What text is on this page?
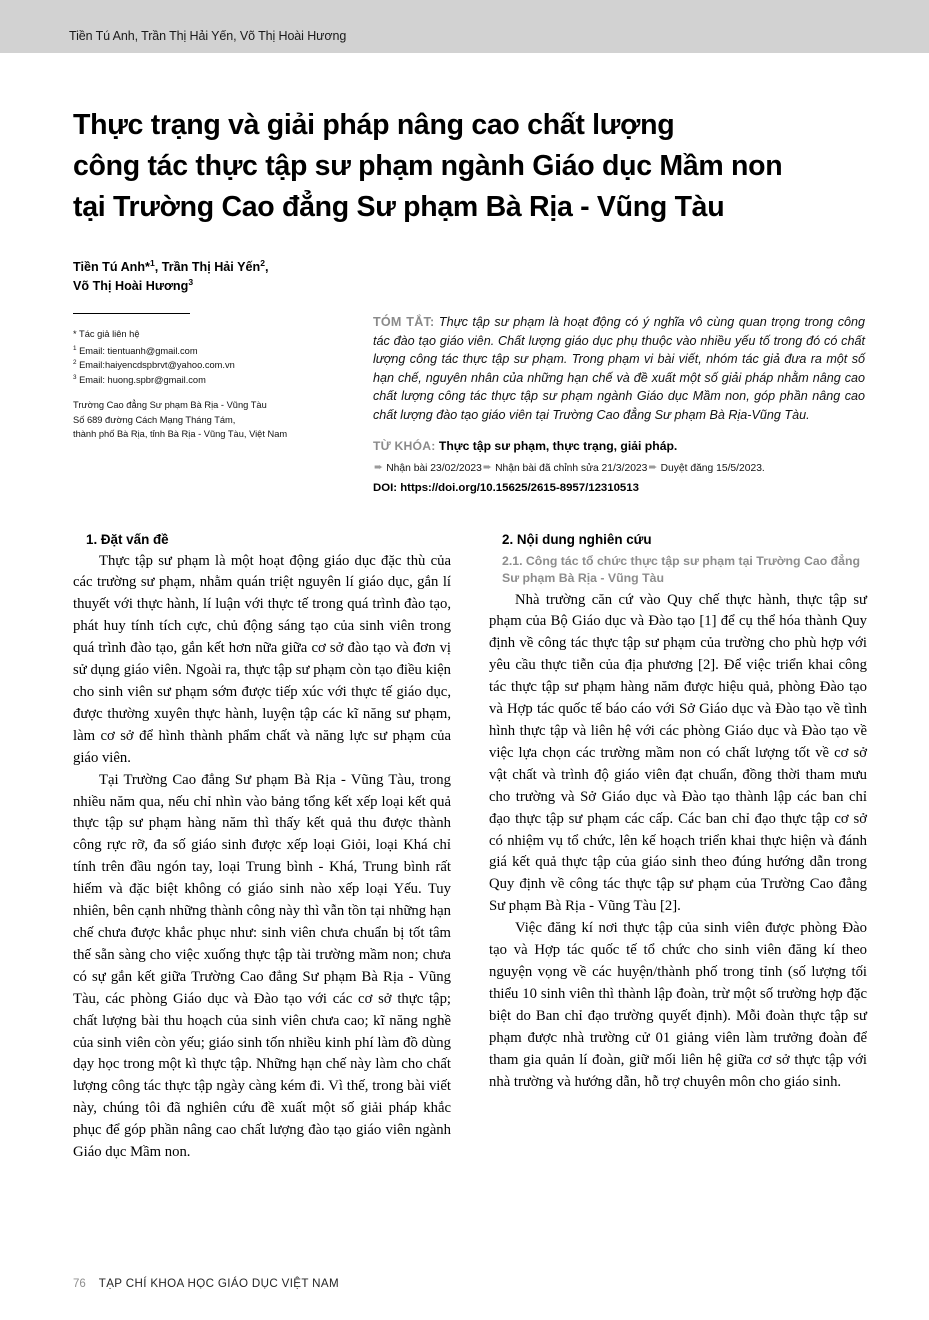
Tiền Tú Anh, Trần Thị Hải Yến, Võ Thị Hoài Hương
Thực trạng và giải pháp nâng cao chất lượng
công tác thực tập sư phạm ngành Giáo dục Mầm non
tại Trường Cao đẳng Sư phạm Bà Rịa - Vũng Tàu
Tiền Tú Anh*$^1$, Trần Thị Hải Yến$^2$,
Võ Thị Hoài Hương$^3$
* Tác giả liên hệ
$^1$ Email: tientuanh@gmail.com
$^2$ Email:haiyencdspbrvt@yahoo.com.vn
$^3$ Email: huong.spbr@gmail.com
Trường Cao đẳng Sư phạm Bà Rịa - Vũng Tàu
Số 689 đường Cách Mạng Tháng Tám,
thành phố Bà Rịa, tỉnh Bà Rịa - Vũng Tàu, Việt Nam
TÓM TẮT: Thực tập sư phạm là hoạt động có ý nghĩa vô cùng quan trọng trong công tác đào tạo giáo viên. Chất lượng giáo dục phụ thuộc vào nhiều yếu tố trong đó có chất lượng công tác thực tập sư phạm. Trong phạm vi bài viết, nhóm tác giả đưa ra một số hạn chế, nguyên nhân của những hạn chế và đề xuất một số giải pháp nhằm nâng cao chất lượng công tác thực tập sư phạm ngành Giáo dục Mầm non, góp phần nâng cao chất lượng đào tạo giáo viên tại Trường Cao đẳng Sư phạm Bà Rịa-Vũng Tàu.
TỪ KHÓA: Thực tập sư phạm, thực trạng, giải pháp.
➨ Nhận bài 23/02/2023➨ Nhận bài đã chỉnh sửa 21/3/2023➨ Duyệt đăng 15/5/2023.
DOI: https://doi.org/10.15625/2615-8957/12310513
1. Đặt vấn đề

Thực tập sư phạm là một hoạt động giáo dục đặc thù của các trường sư phạm, nhằm quán triệt nguyên lí giáo dục, gắn lí thuyết với thực hành, lí luận với thực tế trong quá trình đào tạo, phát huy tính tích cực, chủ động sáng tạo của sinh viên trong quá trình đào tạo, gắn kết hơn nữa giữa cơ sở đào tạo và đơn vị sử dụng giáo viên. Ngoài ra, thực tập sư phạm còn tạo điều kiện cho sinh viên sư phạm sớm được tiếp xúc với thực tế giáo dục, được thường xuyên thực hành, luyện tập các kĩ năng sư phạm, làm cơ sở để hình thành phẩm chất và năng lực sư phạm của giáo viên.

Tại Trường Cao đẳng Sư phạm Bà Rịa - Vũng Tàu, trong nhiều năm qua, nếu chỉ nhìn vào bảng tổng kết xếp loại kết quả thực tập sư phạm hàng năm thì thấy kết quả thu được thành công rực rỡ, đa số giáo sinh được xếp loại Giỏi, loại Khá chỉ tính trên đầu ngón tay, loại Trung bình - Khá, Trung bình rất hiếm và đặc biệt không có giáo sinh nào xếp loại Yếu. Tuy nhiên, bên cạnh những thành công này thì vẫn tồn tại những hạn chế chưa được khắc phục như: sinh viên chưa chuẩn bị tốt tâm thế sẵn sàng cho việc xuống thực tập tài trường mầm non; chưa có sự gắn kết giữa Trường Cao đẳng Sư phạm Bà Rịa - Vũng Tàu, các phòng Giáo dục và Đào tạo với các cơ sở thực tập; chất lượng bài thu hoạch của sinh viên chưa cao; kĩ năng nghề của sinh viên còn yếu; giáo sinh tốn nhiều kinh phí làm đồ dùng dạy học trong một kì thực tập. Những hạn chế này làm cho chất lượng công tác thực tập ngày càng kém đi. Vì thế, trong bài viết này, chúng tôi đã nghiên cứu đề xuất một số giải pháp khắc phục để góp phần nâng cao chất lượng đào tạo giáo viên ngành Giáo dục Mầm non.

2. Nội dung nghiên cứu
2.1. Công tác tổ chức thực tập sư phạm tại Trường Cao đẳng Sư phạm Bà Rịa - Vũng Tàu

Nhà trường căn cứ vào Quy chế thực hành, thực tập sư phạm của Bộ Giáo dục và Đào tạo [1] để cụ thể hóa thành Quy định về công tác thực tập sư phạm của trường cho phù hợp với yêu cầu thực tiễn của địa phương [2]. Để việc triển khai công tác thực tập sư phạm hàng năm được hiệu quả, phòng Đào tạo và Hợp tác quốc tế báo cáo với Sở Giáo dục và Đào tạo về tình hình thực tập và liên hệ với các phòng Giáo dục và Đào tạo về việc lựa chọn các trường mầm non có chất lượng tốt về cơ sở vật chất và trình độ giáo viên đạt chuẩn, đồng thời tham mưu cho trường và Sở Giáo dục và Đào tạo thành lập các ban chỉ đạo thực tập sư phạm các cấp. Các ban chỉ đạo thực tập cơ sở có nhiệm vụ tổ chức, lên kế hoạch triển khai thực hiện và đánh giá kết quả thực tập của giáo sinh theo đúng hướng dẫn trong Quy định về công tác thực tập sư phạm của Trường Cao đẳng Sư phạm Bà Rịa - Vũng Tàu [2].

Việc đăng kí nơi thực tập của sinh viên được phòng Đào tạo và Hợp tác quốc tế tổ chức cho sinh viên đăng kí theo nguyện vọng về các huyện/thành phố trong tỉnh (số lượng tối thiểu 10 sinh viên thì thành lập đoàn, trừ một số trường hợp đặc biệt do Ban chỉ đạo trường quyết định). Mỗi đoàn thực tập sư phạm được nhà trường cử 01 giảng viên làm trưởng đoàn để tham gia quản lí đoàn, giữ mối liên hệ giữa cơ sở thực tập với nhà trường và hướng dẫn, hỗ trợ chuyên môn cho giáo sinh.

76 TẠP CHÍ KHOA HỌC GIÁO DỤC VIỆT NAM
